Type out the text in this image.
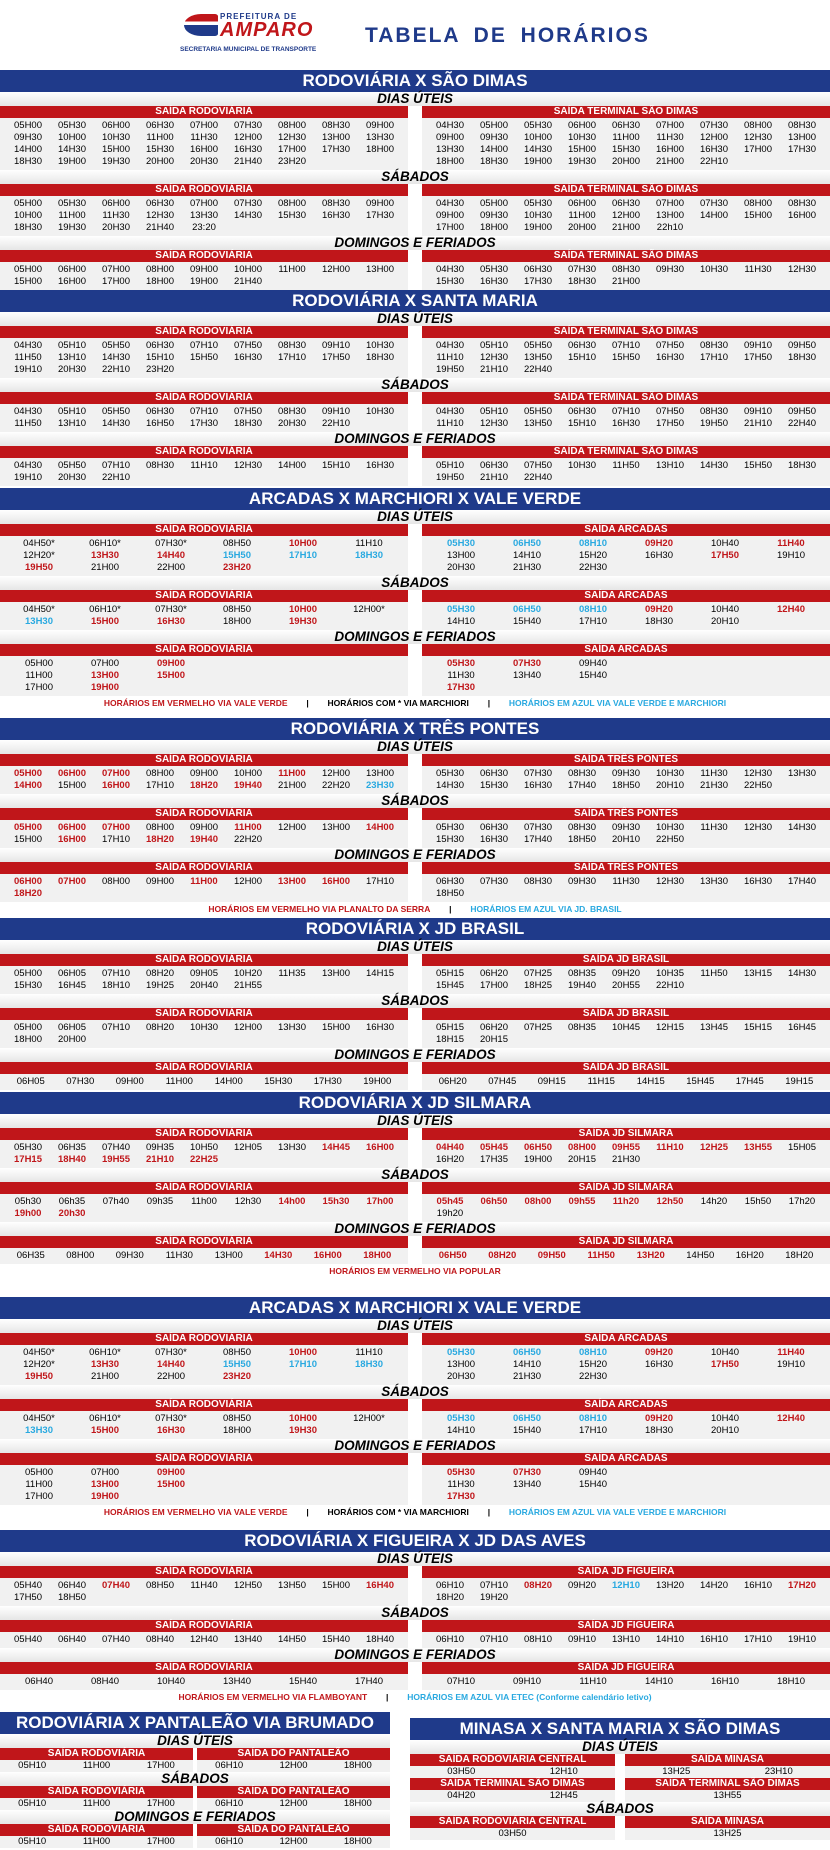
PREFEITURA DE
AMPARO
SECRETARIA MUNICIPAL DE TRANSPORTE
TABELA DE HORÁRIOS
RODOVIÁRIA X SÃO DIMAS
DIAS ÚTEIS
SAÍDA RODOVIÁRIA
05H00	05H30	06H00	06H30	07H00	07H30	08H00	08H30	09H00
09H30	10H00	10H30	11H00	11H30	12H00	12H30	13H00	13H30
14H00	14H30	15H00	15H30	16H00	16H30	17H00	17H30	18H00
18H30	19H00	19H30	20H00	20H30	21H40	23H20
SAÍDA TERMINAL SÃO DIMAS
04H30	05H00	05H30	06H00	06H30	07H00	07H30	08H00	08H30
09H00	09H30	10H00	10H30	11H00	11H30	12H00	12H30	13H00
13H30	14H00	14H30	15H00	15H30	16H00	16H30	17H00	17H30
18H00	18H30	19H00	19H30	20H00	21H00	22H10
SÁBADOS
SAÍDA RODOVIÁRIA
05H00	05H30	06H00	06H30	07H00	07H30	08H00	08H30	09H00
10H00	11H00	11H30	12H30	13H30	14H30	15H30	16H30	17H30
18H30	19H30	20H30	21H40	23:20
SAÍDA TERMINAL SÃO DIMAS
04H30	05H00	05H30	06H00	06H30	07H00	07H30	08H00	08H30
09H00	09H30	10H30	11H00	12H00	13H00	14H00	15H00	16H00
17H00	18H00	19H00	20H00	21H00	22h10
DOMINGOS E FERIADOS
SAÍDA RODOVIÁRIA
05H00	06H00	07H00	08H00	09H00	10H00	11H00	12H00	13H00
15H00	16H00	17H00	18H00	19H00	21H40
SAÍDA TERMINAL SÃO DIMAS
04H30	05H30	06H30	07H30	08H30	09H30	10H30	11H30	12H30
15H30	16H30	17H30	18H30	21H00
RODOVIÁRIA X SANTA MARIA
DIAS ÚTEIS
SAÍDA RODOVIÁRIA
04H30	05H10	05H50	06H30	07H10	07H50	08H30	09H10	10H30
11H50	13H10	14H30	15H10	15H50	16H30	17H10	17H50	18H30
19H10	20H30	22H10	23H20
SAÍDA TERMINAL SÃO DIMAS
04H30	05H10	05H50	06H30	07H10	07H50	08H30	09H10	09H50
11H10	12H30	13H50	15H10	15H50	16H30	17H10	17H50	18H30
19H50	21H10	22H40
SÁBADOS
SAÍDA RODOVIÁRIA
04H30	05H10	05H50	06H30	07H10	07H50	08H30	09H10	10H30
11H50	13H10	14H30	16H50	17H30	18H30	20H30	22H10
SAÍDA TERMINAL SÃO DIMAS
04H30	05H10	05H50	06H30	07H10	07H50	08H30	09H10	09H50
11H10	12H30	13H50	15H10	16H30	17H50	19H50	21H10	22H40
DOMINGOS E FERIADOS
SAÍDA RODOVIÁRIA
04H30	05H50	07H10	08H30	11H10	12H30	14H00	15H10	16H30
19H10	20H30	22H10
SAÍDA TERMINAL SÃO DIMAS
05H10	06H30	07H50	10H30	11H50	13H10	14H30	15H50	18H30
19H50	21H10	22H40
ARCADAS X MARCHIORI X VALE VERDE
DIAS ÚTEIS
SAÍDA RODOVIÁRIA
04H50*	06H10*	07H30*	08H50	10H00	11H10
12H20*	13H30	14H40	15H50	17H10	18H30
19H50	21H00	22H00	23H20
SAÍDA ARCADAS
05H30	06H50	08H10	09H20	10H40	11H40
13H00	14H10	15H20	16H30	17H50	19H10
20H30	21H30	22H30
SÁBADOS
SAÍDA RODOVIÁRIA
04H50*	06H10*	07H30*	08H50	10H00	12H00*
13H30	15H00	16H30	18H00	19H30
SAÍDA ARCADAS
05H30	06H50	08H10	09H20	10H40	12H40
14H10	15H40	17H10	18H30	20H10
DOMINGOS E FERIADOS
SAÍDA RODOVIÁRIA
05H00	07H00	09H00
11H00	13H00	15H00
17H00	19H00
SAÍDA ARCADAS
05H30	07H30	09H40
11H30	13H40	15H40
17H30
HORÁRIOS EM VERMELHO VIA VALE VERDE | HORÁRIOS COM * VIA MARCHIORI | HORÁRIOS EM AZUL VIA VALE VERDE E MARCHIORI
RODOVIÁRIA X TRÊS PONTES
DIAS ÚTEIS
SAÍDA RODOVIÁRIA
05H00	06H00	07H00	08H00	09H00	10H00	11H00	12H00	13H00
14H00	15H00	16H00	17H10	18H20	19H40	21H00	22H20	23H30
SAÍDA TRÊS PONTES
05H30	06H30	07H30	08H30	09H30	10H30	11H30	12H30	13H30
14H30	15H30	16H30	17H40	18H50	20H10	21H30	22H50
SÁBADOS
SAÍDA RODOVIÁRIA
05H00	06H00	07H00	08H00	09H00	11H00	12H00	13H00	14H00
15H00	16H00	17H10	18H20	19H40	22H20
SAÍDA TRÊS PONTES
05H30	06H30	07H30	08H30	09H30	10H30	11H30	12H30	14H30
15H30	16H30	17H40	18H50	20H10	22H50
DOMINGOS E FERIADOS
SAÍDA RODOVIÁRIA
06H00	07H00	08H00	09H00	11H00	12H00	13H00	16H00	17H10
18H20
SAÍDA TRÊS PONTES
06H30	07H30	08H30	09H30	11H30	12H30	13H30	16H30	17H40
18H50
HORÁRIOS EM VERMELHO VIA PLANALTO DA SERRA | HORÁRIOS EM AZUL VIA JD. BRASIL
RODOVIÁRIA X JD BRASIL
DIAS ÚTEIS
SAÍDA RODOVIÁRIA
05H00	06H05	07H10	08H20	09H05	10H20	11H35	13H00	14H15
15H30	16H45	18H10	19H25	20H40	21H55
SAÍDA JD BRASIL
05H15	06H20	07H25	08H35	09H20	10H35	11H50	13H15	14H30
15H45	17H00	18H25	19H40	20H55	22H10
SÁBADOS
SAÍDA RODOVIÁRIA
05H00	06H05	07H10	08H20	10H30	12H00	13H30	15H00	16H30
18H00	20H00
SAÍDA JD BRASIL
05H15	06H20	07H25	08H35	10H45	12H15	13H45	15H15	16H45
18H15	20H15
DOMINGOS E FERIADOS
SAÍDA RODOVIÁRIA
06H05	07H30	09H00	11H00	14H00	15H30	17H30	19H00
SAÍDA JD BRASIL
06H20	07H45	09H15	11H15	14H15	15H45	17H45	19H15
RODOVIÁRIA X JD SILMARA
DIAS ÚTEIS
SAÍDA RODOVIÁRIA
05H30	06H35	07H40	09H35	10H50	12H05	13H30	14H45	16H00
17H15	18H40	19H55	21H10	22H25
SAÍDA JD SILMARA
04H40	05H45	06H50	08H00	09H55	11H10	12H25	13H55	15H05
16H20	17H35	19H00	20H15	21H30
SÁBADOS
SAÍDA RODOVIÁRIA
05h30	06h35	07h40	09h35	11h00	12h30	14h00	15h30	17h00
19h00	20h30
SAÍDA JD SILMARA
05h45	06h50	08h00	09h55	11h20	12h50	14h20	15h50	17h20
19h20
DOMINGOS E FERIADOS
SAÍDA RODOVIÁRIA
06H35	08H00	09H30	11H30	13H00	14H30	16H00	18H00
SAÍDA JD SILMARA
06H50	08H20	09H50	11H50	13H20	14H50	16H20	18H20
HORÁRIOS EM VERMELHO VIA POPULAR
ARCADAS X MARCHIORI X VALE VERDE
DIAS ÚTEIS
SAÍDA RODOVIÁRIA
04H50*	06H10*	07H30*	08H50	10H00	11H10
12H20*	13H30	14H40	15H50	17H10	18H30
19H50	21H00	22H00	23H20
SAÍDA ARCADAS
05H30	06H50	08H10	09H20	10H40	11H40
13H00	14H10	15H20	16H30	17H50	19H10
20H30	21H30	22H30
SÁBADOS
SAÍDA RODOVIÁRIA
04H50*	06H10*	07H30*	08H50	10H00	12H00*
13H30	15H00	16H30	18H00	19H30
SAÍDA ARCADAS
05H30	06H50	08H10	09H20	10H40	12H40
14H10	15H40	17H10	18H30	20H10
DOMINGOS E FERIADOS
SAÍDA RODOVIÁRIA
05H00	07H00	09H00
11H00	13H00	15H00
17H00	19H00
SAÍDA ARCADAS
05H30	07H30	09H40
11H30	13H40	15H40
17H30
HORÁRIOS EM VERMELHO VIA VALE VERDE | HORÁRIOS COM * VIA MARCHIORI | HORÁRIOS EM AZUL VIA VALE VERDE E MARCHIORI
RODOVIÁRIA X FIGUEIRA X JD DAS AVES
DIAS ÚTEIS
SAÍDA RODOVIÁRIA
05H40	06H40	07H40	08H50	11H40	12H50	13H50	15H00	16H40
17H50	18H50
SAÍDA JD FIGUEIRA
06H10	07H10	08H20	09H20	12H10	13H20	14H20	16H10	17H20
18H20	19H20
SÁBADOS
SAÍDA RODOVIÁRIA
05H40	06H40	07H40	08H40	12H40	13H40	14H50	15H40	18H40
SAÍDA JD FIGUEIRA
06H10	07H10	08H10	09H10	13H10	14H10	16H10	17H10	19H10
DOMINGOS E FERIADOS
SAÍDA RODOVIÁRIA
06H40	08H40	10H40	13H40	15H40	17H40
SAÍDA JD FIGUEIRA
07H10	09H10	11H10	14H10	16H10	18H10
HORÁRIOS EM VERMELHO VIA FLAMBOYANT | HORÁRIOS EM AZUL VIA ETEC (Conforme calendário letivo)
RODOVIÁRIA X PANTALEÃO VIA BRUMADO
DIAS ÚTEIS
SAÍDA RODOVIÁRIA
05H10	11H00	17H00
SAÍDA DO PANTALEÃO
06H10	12H00	18H00
SÁBADOS
SAÍDA RODOVIÁRIA
05H10	11H00	17H00
SAÍDA DO PANTALEÃO
06H10	12H00	18H00
DOMINGOS E FERIADOS
SAÍDA RODOVIÁRIA
05H10	11H00	17H00
SAÍDA DO PANTALEÃO
06H10	12H00	18H00
MINASA X SANTA MARIA X SÃO DIMAS
DIAS ÚTEIS
SAÍDA RODOVIÁRIA CENTRAL
03H50	12H10
SAÍDA MINASA
13H25	23H10
SAÍDA TERMINAL SÃO DIMAS
04H20	12H45
SAÍDA TERMINAL SÃO DIMAS
13H55
SÁBADOS
SAÍDA RODOVIÁRIA CENTRAL
03H50
SAÍDA MINASA
13H25
